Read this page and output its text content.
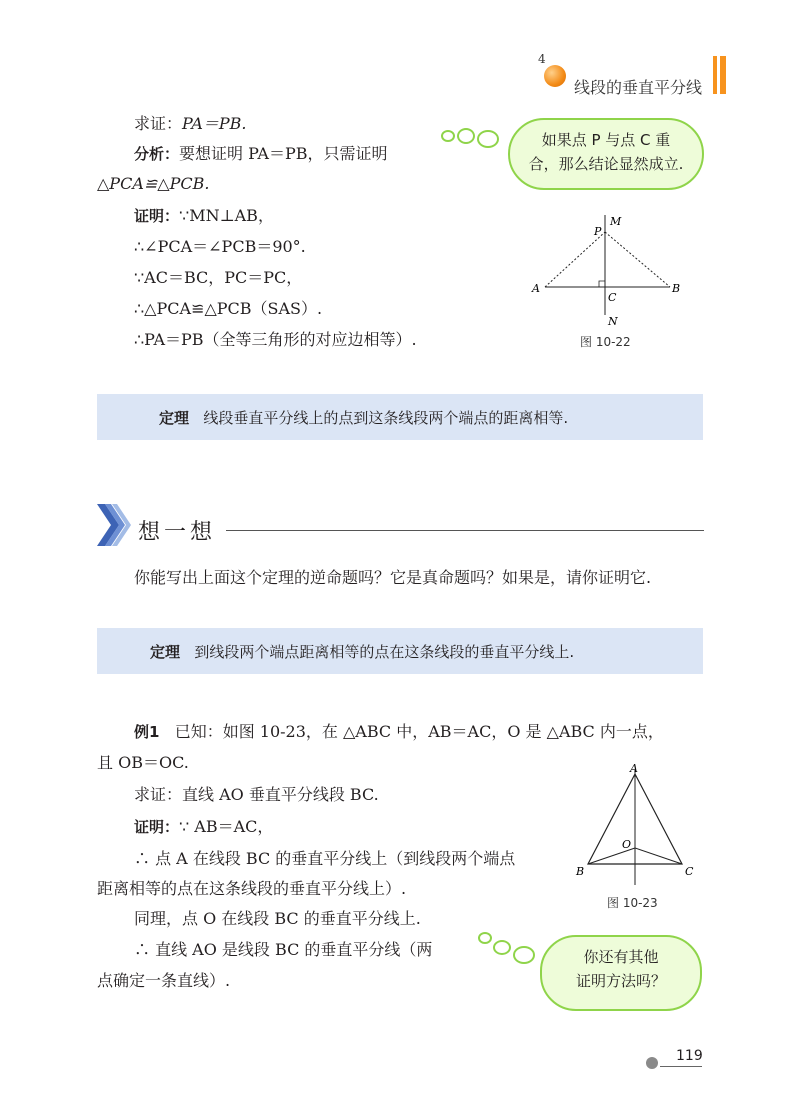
4
线段的垂直平分线
求证：PA＝PB.
分析：要想证明 PA＝PB，只需证明
△PCA≌△PCB.
证明：∵MN⊥AB，
∴∠PCA＝∠PCB＝90°.
∵AC＝BC，PC＝PC，
∴△PCA≌△PCB（SAS）.
∴PA＝PB（全等三角形的对应边相等）.
如果点 P 与点 C 重
合，那么结论显然成立.
M
P
A	B
C
N
图 10-22
定理 线段垂直平分线上的点到这条线段两个端点的距离相等.
想一想
你能写出上面这个定理的逆命题吗？它是真命题吗？如果是，请你证明它.
定理 到线段两个端点距离相等的点在这条线段的垂直平分线上.
例1 已知：如图 10-23，在 △ABC 中，AB＝AC，O 是 △ABC 内一点，
且 OB＝OC.
求证：直线 AO 垂直平分线段 BC.
证明：∵ AB＝AC，
∴ 点 A 在线段 BC 的垂直平分线上（到线段两个端点
距离相等的点在这条线段的垂直平分线上）.
同理，点 O 在线段 BC 的垂直平分线上.
∴ 直线 AO 是线段 BC 的垂直平分线（两
点确定一条直线）.
A
O
B	C
图 10-23
你还有其他
证明方法吗？
119
